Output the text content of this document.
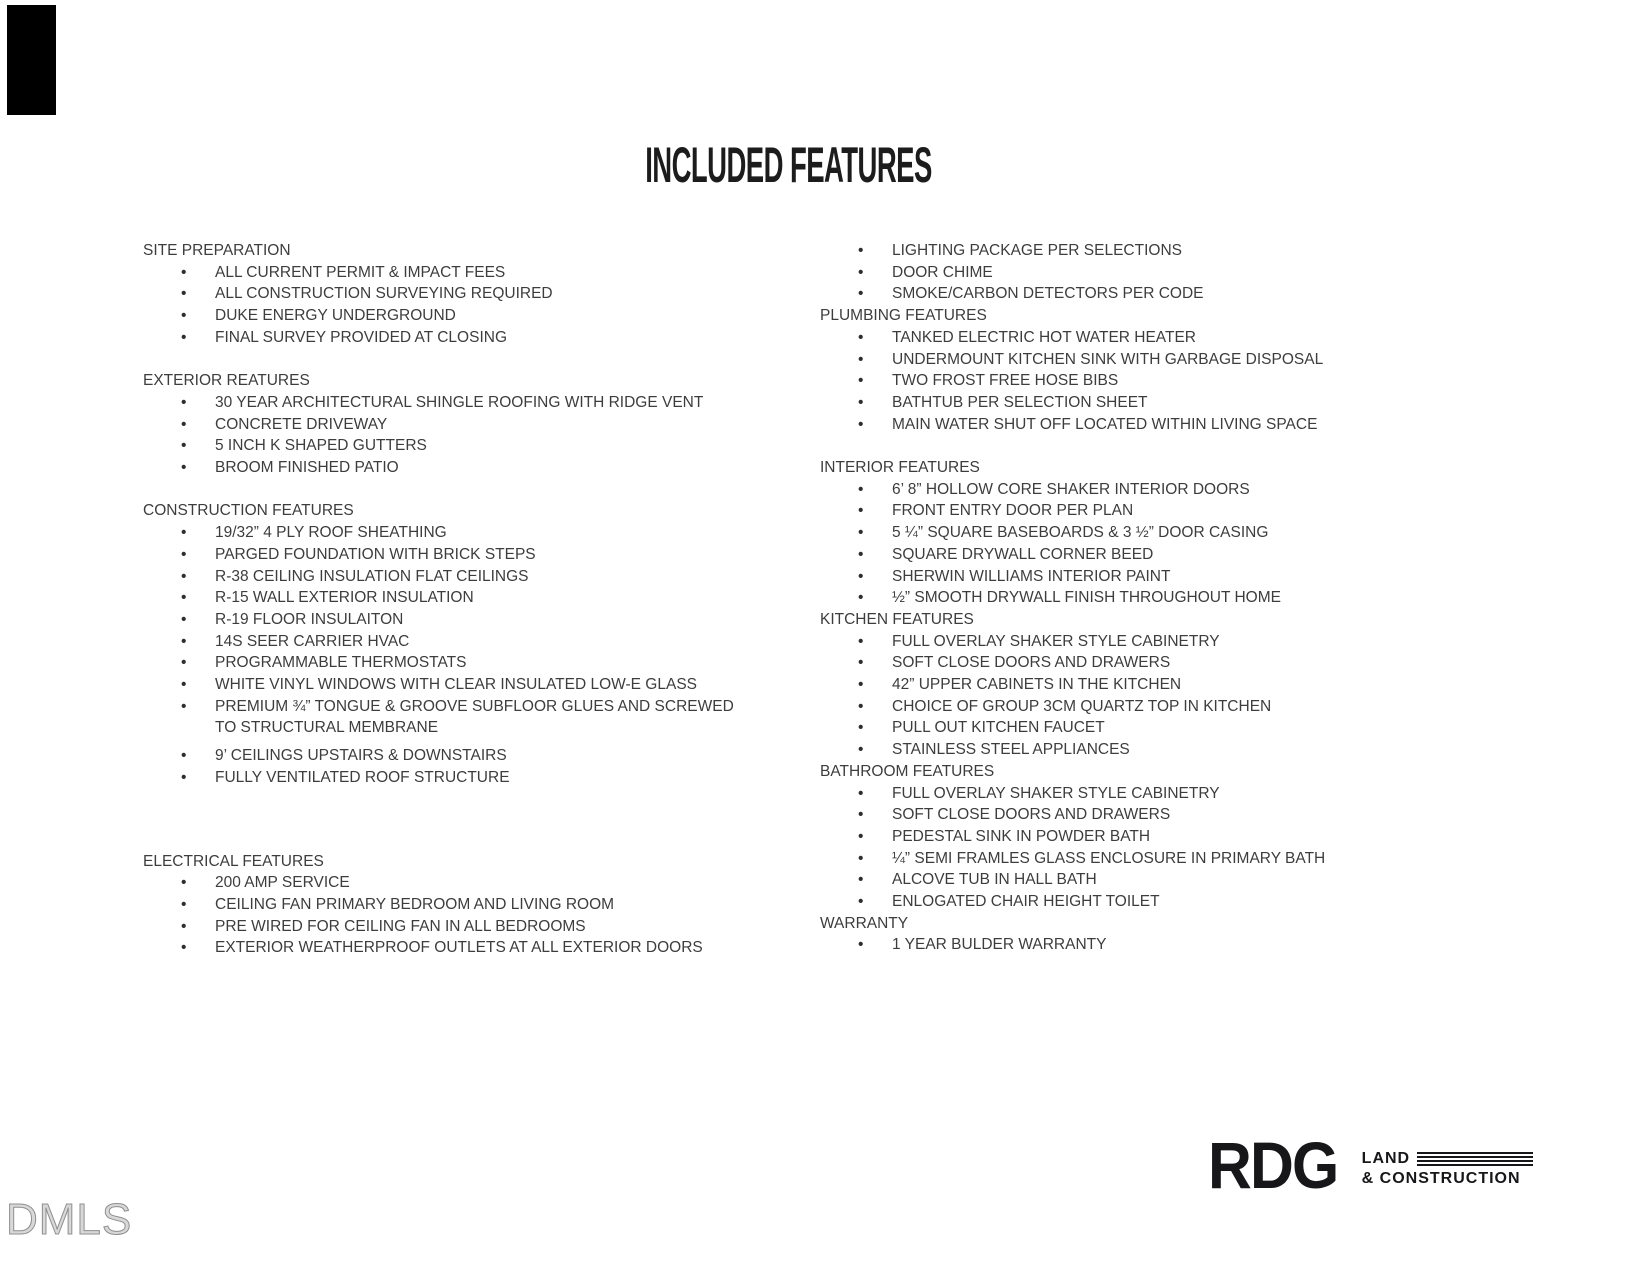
INCLUDED FEATURES
SITE PREPARATION
• ALL CURRENT PERMIT & IMPACT FEES
• ALL CONSTRUCTION SURVEYING REQUIRED
• DUKE ENERGY UNDERGROUND
• FINAL SURVEY PROVIDED AT CLOSING
EXTERIOR REATURES
• 30 YEAR ARCHITECTURAL SHINGLE ROOFING WITH RIDGE VENT
• CONCRETE DRIVEWAY
• 5 INCH K SHAPED GUTTERS
• BROOM FINISHED PATIO
CONSTRUCTION FEATURES
• 19/32” 4 PLY ROOF SHEATHING
• PARGED FOUNDATION WITH BRICK STEPS
• R-38 CEILING INSULATION FLAT CEILINGS
• R-15 WALL EXTERIOR INSULATION
• R-19 FLOOR INSULAITON
• 14S SEER CARRIER HVAC
• PROGRAMMABLE THERMOSTATS
• WHITE VINYL WINDOWS WITH CLEAR INSULATED LOW-E GLASS
• PREMIUM ¾” TONGUE & GROOVE SUBFLOOR GLUES AND SCREWED TO STRUCTURAL MEMBRANE
• 9’ CEILINGS UPSTAIRS & DOWNSTAIRS
• FULLY VENTILATED ROOF STRUCTURE
ELECTRICAL FEATURES
• 200 AMP SERVICE
• CEILING FAN PRIMARY BEDROOM AND LIVING ROOM
• PRE WIRED FOR CEILING FAN IN ALL BEDROOMS
• EXTERIOR WEATHERPROOF OUTLETS AT ALL EXTERIOR DOORS
• LIGHTING PACKAGE PER SELECTIONS
• DOOR CHIME
• SMOKE/CARBON DETECTORS PER CODE
PLUMBING FEATURES
• TANKED ELECTRIC HOT WATER HEATER
• UNDERMOUNT KITCHEN SINK WITH GARBAGE DISPOSAL
• TWO FROST FREE HOSE BIBS
• BATHTUB PER SELECTION SHEET
• MAIN WATER SHUT OFF LOCATED WITHIN LIVING SPACE
INTERIOR FEATURES
• 6’ 8” HOLLOW CORE SHAKER INTERIOR DOORS
• FRONT ENTRY DOOR PER PLAN
• 5 ¼” SQUARE BASEBOARDS & 3 ½” DOOR CASING
• SQUARE DRYWALL CORNER BEED
• SHERWIN WILLIAMS INTERIOR PAINT
• ½” SMOOTH DRYWALL FINISH THROUGHOUT HOME
KITCHEN FEATURES
• FULL OVERLAY SHAKER STYLE CABINETRY
• SOFT CLOSE DOORS AND DRAWERS
• 42” UPPER CABINETS IN THE KITCHEN
• CHOICE OF GROUP 3CM QUARTZ TOP IN KITCHEN
• PULL OUT KITCHEN FAUCET
• STAINLESS STEEL APPLIANCES
BATHROOM FEATURES
• FULL OVERLAY SHAKER STYLE CABINETRY
• SOFT CLOSE DOORS AND DRAWERS
• PEDESTAL SINK IN POWDER BATH
• ¼” SEMI FRAMLES GLASS ENCLOSURE IN PRIMARY BATH
• ALCOVE TUB IN HALL BATH
• ENLOGATED CHAIR HEIGHT TOILET
WARRANTY
• 1 YEAR BULDER WARRANTY
RDG LAND
& CONSTRUCTION
DMLS
